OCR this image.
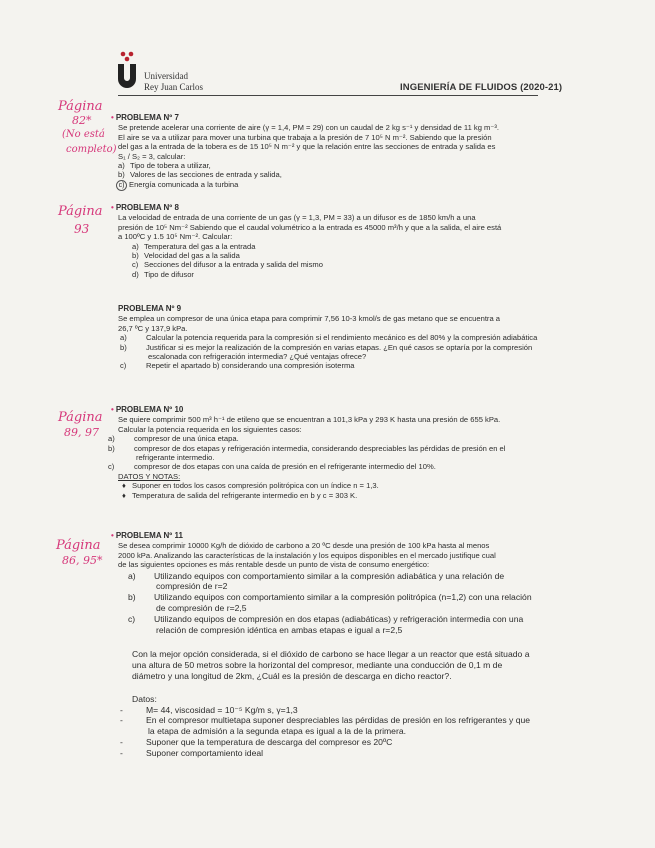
Universidad
Rey Juan Carlos	INGENIERÍA DE FLUIDOS (2020-21)
Página
82*
(No está
completo)
Página
93
Página
89, 97
Página
86, 95*
• PROBLEMA Nº 7

Se pretende acelerar una corriente de aire (γ = 1,4, PM = 29) con un caudal de 2 kg s⁻¹ y densidad de 11 kg m⁻³.

El aire se va a utilizar para mover una turbina que trabaja a la presión de 7 10⁵ N m⁻². Sabiendo que la presión

del gas a la entrada de la tobera es de 15 10⁵ N m⁻² y que la relación entre las secciones de entrada y salida es

S₁ / S₂ = 3, calcular:

a) Tipo de tobera a utilizar,

b) Valores de las secciones de entrada y salida,

c) Energía comunicada a la turbina

• PROBLEMA Nº 8

La velocidad de entrada de una corriente de un gas (γ = 1,3, PM = 33) a un difusor es de 1850 km/h a una

presión de 10⁵ Nm⁻² Sabiendo que el caudal volumétrico a la entrada es 45000 m³/h y que a la salida, el aire está

a 100ºC y 1.5 10⁵ Nm⁻². Calcular:

a) Temperatura del gas a la entrada

b) Velocidad del gas a la salida

c) Secciones del difusor a la entrada y salida del mismo

d) Tipo de difusor

PROBLEMA Nº 9

Se emplea un compresor de una única etapa para comprimir 7,56 10-3 kmol/s de gas metano que se encuentra a

26,7 ºC y 137,9 kPa.

a)	Calcular la potencia requerida para la compresión si el rendimiento mecánico es del 80% y la compresión adiabática

b)	Justificar si es mejor la realización de la compresión en varias etapas. ¿En qué casos se optaría por la compresión escalonada con refrigeración intermedia? ¿Qué ventajas ofrece?

c)	Repetir el apartado b) considerando una compresión isoterma

• PROBLEMA Nº 10

Se quiere comprimir 500 m³ h⁻¹ de etileno que se encuentran a 101,3 kPa y 293 K hasta una presión de 655 kPa.

Calcular la potencia requerida en los siguientes casos:

a)	compresor de una única etapa.

b)	compresor de dos etapas y refrigeración intermedia, considerando despreciables las pérdidas de presión en el refrigerante intermedio.

c)	compresor de dos etapas con una caída de presión en el refrigerante intermedio del 10%.

DATOS Y NOTAS:

♦ Suponer en todos los casos compresión politrópica con un índice n = 1,3.

♦ Temperatura de salida del refrigerante intermedio en b y c = 303 K.

• PROBLEMA Nº 11

Se desea comprimir 10000 Kg/h de dióxido de carbono a 20 ºC desde una presión de 100 kPa hasta al menos

2000 kPa. Analizando las características de la instalación y los equipos disponibles en el mercado justifique cual

de las siguientes opciones es más rentable desde un punto de vista de consumo energético:

a) Utilizando equipos con comportamiento similar a la compresión adiabática y una relación de compresión de r=2

b) Utilizando equipos con comportamiento similar a la compresión politrópica (n=1,2) con una relación de compresión de r=2,5

c) Utilizando equipos de compresión en dos etapas (adiabáticas) y refrigeración intermedia con una relación de compresión idéntica en ambas etapas e igual a r=2,5

Con la mejor opción considerada, si el dióxido de carbono se hace llegar a un reactor que está situado a una altura de 50 metros sobre la horizontal del compresor, mediante una conducción de 0,1 m de diámetro y una longitud de 2km, ¿Cuál es la presión de descarga en dicho reactor?.

Datos:

-	M= 44, viscosidad = 10⁻⁵ Kg/m s, γ=1,3

-	En el compresor multietapa suponer despreciables las pérdidas de presión en los refrigerantes y que la etapa de admisión a la segunda etapa es igual a la de la primera.

-	Suponer que la temperatura de descarga del compresor es 20ºC

-	Suponer comportamiento ideal
